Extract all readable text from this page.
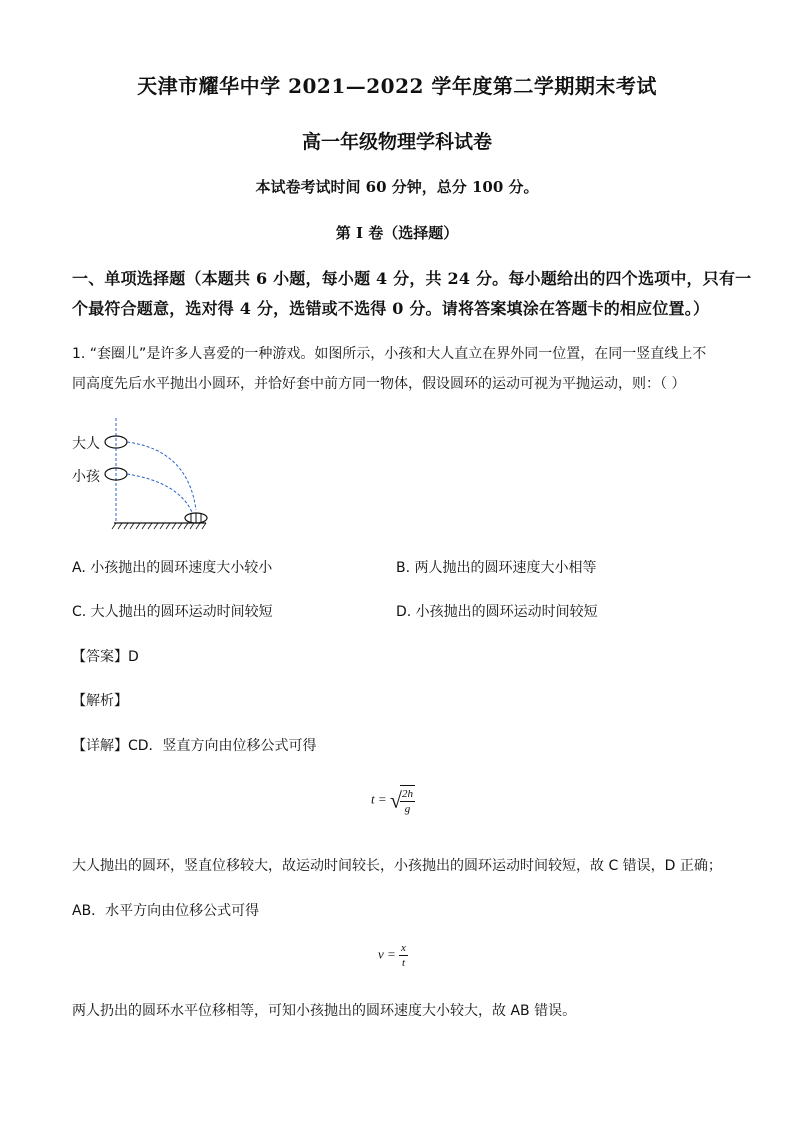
天津市耀华中学 2021—2022 学年度第二学期期末考试
高一年级物理学科试卷
本试卷考试时间 60 分钟，总分 100 分。
第 I 卷（选择题）
一、单项选择题（本题共 6 小题，每小题 4 分，共 24 分。每小题给出的四个选项中，只有一
个最符合题意，选对得 4 分，选错或不选得 0 分。请将答案填涂在答题卡的相应位置。）
1. “套圈儿”是许多人喜爱的一种游戏。如图所示，小孩和大人直立在界外同一位置，在同一竖直线上不
同高度先后水平抛出小圆环，并恰好套中前方同一物体，假设圆环的运动可视为平抛运动，则：（ ）
大人
小孩
A. 小孩抛出的圆环速度大小较小	B. 两人抛出的圆环速度大小相等
C. 大人抛出的圆环运动时间较短	D. 小孩抛出的圆环运动时间较短
【答案】D
【解析】
【详解】CD．竖直方向由位移公式可得
t = √
$\frac{2h}{g}$
大人抛出的圆环，竖直位移较大，故运动时间较长，小孩抛出的圆环运动时间较短，故 C 错误，D 正确；
AB．水平方向由位移公式可得
$v = \frac{x}{t}$
两人扔出的圆环水平位移相等，可知小孩抛出的圆环速度大小较大，故 AB 错误。
